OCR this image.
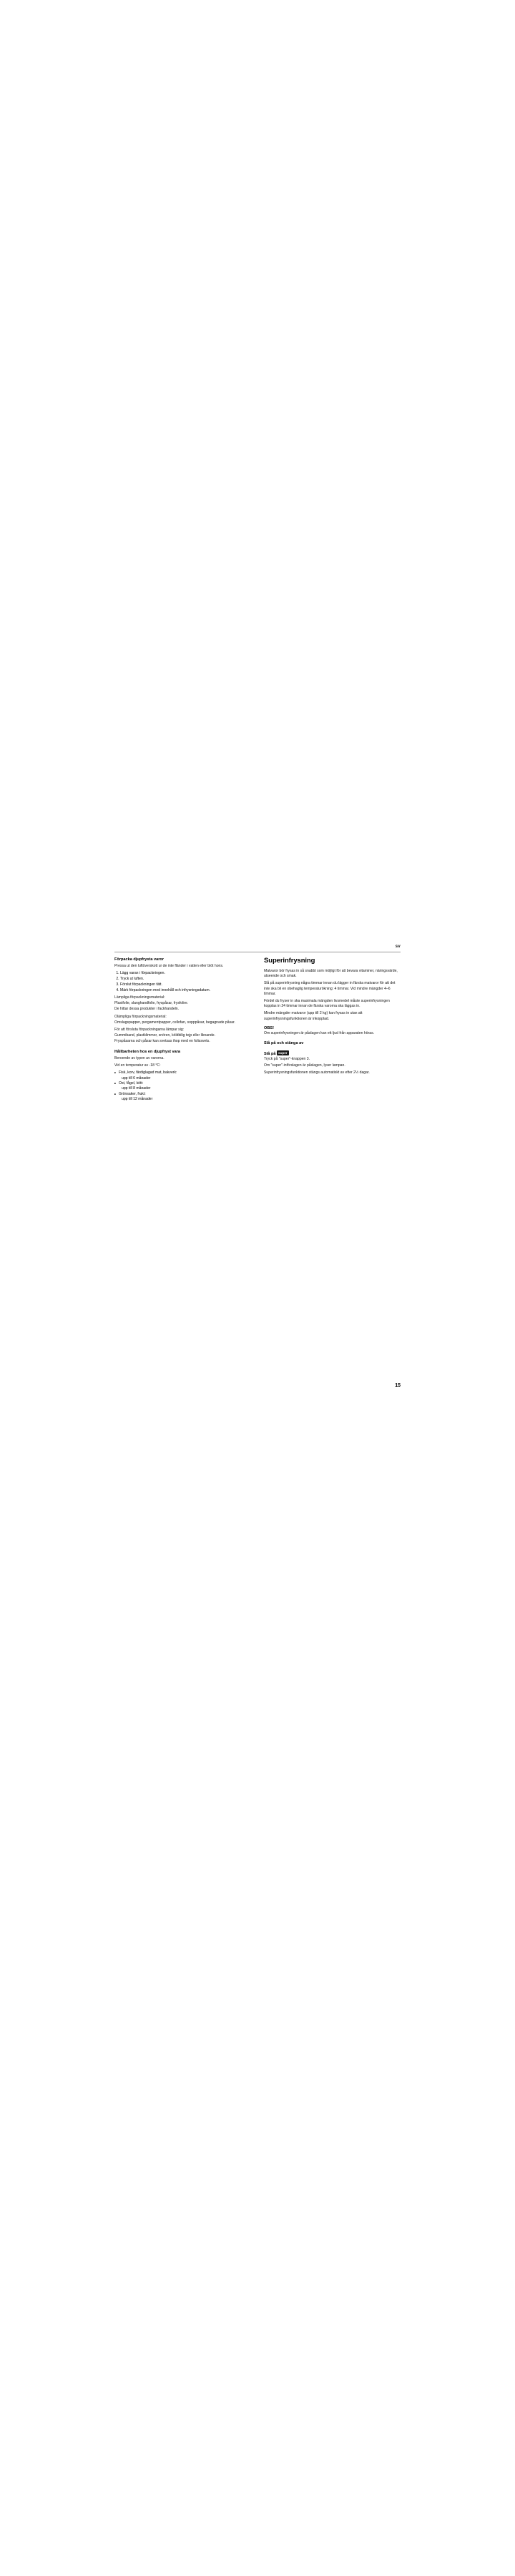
sv
Förpacka djupfrysta varor

Pressa ut den luftöverskott ur de inte fländer i vatten eller blöt hons.

1. Lägg varan i förpackningen.
2. Tryck ut luften.
3. Förslut förpackningen tätt.
4. Märk förpackningen med innehåll och infrysningsdatum.

Lämpliga förpackningsmaterial:

Plastfolie, slanghandfolie, fryspåsar, frysfolier.

De hittar dessa produkter i fackhandeln.

Olämpliga förpackningsmaterial:

Omslagspapper, pergamentpapper, cellofan, sopppåsar, begagnade påsar.

För att försluta förpackningarna lämpar sig:

Gummiband, plastklimmor, snören, köldbilig tejp eller liknande.

Fryspåsarna och påsar kan svetsas ihop med en folissvets.

Hållbarheten hos en djupfryst vara

Beroende av typen av varorna.

Vid en temperatur av -18 °C:

■ Fisk, korv, färdiglagad mat, bakverk:
upp till 6 månader
■ Ost, fågel, kött:
upp till 8 månader
■ Grönsaker, frukt:
upp till 12 månader
Superinfrysning

Matvaror bör frysas in så snabbt som möjligt för att bevara vitaminer, näringsvärde, utseende och smak.

Slå på superinfrysning några timmar innan du lägger in färska matvaror för att det inte ska bli en obehaglig temperaturökning: 4 timmar. Vid mindre mängder 4–6 timmar.

Fördel du fryser in ska maximala mängden livsmedel måste superinfrysningen kopplas in 24 timmar innan de färska varorna ska läggas in.

Mindre mängder matvaror (upp till 2 kg) kan frysas in utan att superinfrysningsfunktionen är inkopplad.

OBS!

Om superinfrysningen är påslagen kan ett ljud från apparaten höras.

Slå på och stänga av
Slå på super

Tryck på "super"-knappen 3.

Om "super"-införslagen är påslagen, lyser lampan.

Superinfrysningsfunktionen stängs automatiskt av efter 2½ dagar.

15
